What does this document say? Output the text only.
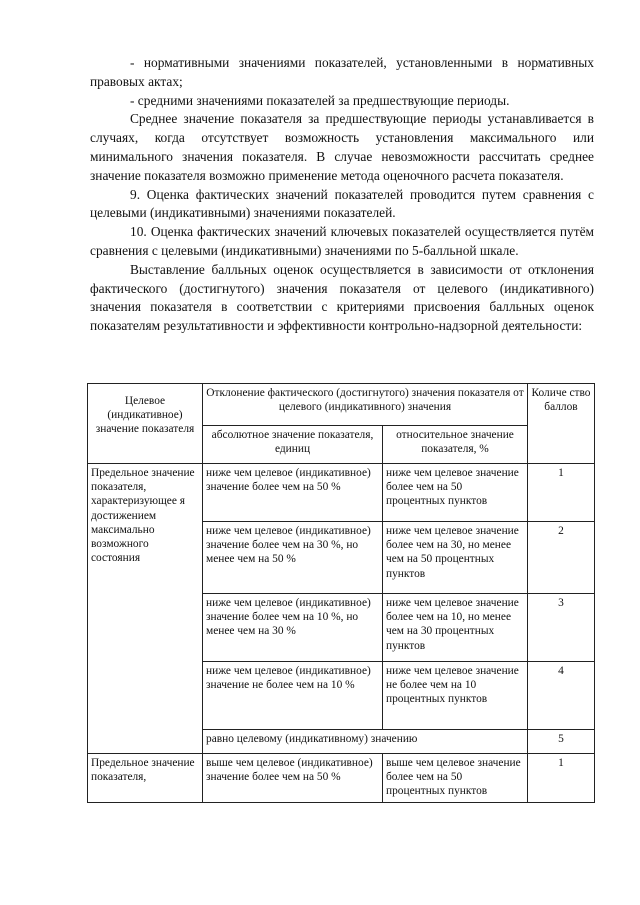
- нормативными значениями показателей, установленными в нормативных правовых актах;

- средними значениями показателей за предшествующие периоды.

Среднее значение показателя за предшествующие периоды устанавливается в случаях, когда отсутствует возможность установления максимального или минимального значения показателя. В случае невозможности рассчитать среднее значение показателя возможно применение метода оценочного расчета показателя.

9. Оценка фактических значений показателей проводится путем сравнения с целевыми (индикативными) значениями показателей.

10. Оценка фактических значений ключевых показателей осуществляется путём сравнения с целевыми (индикативными) значениями по 5-балльной шкале.

Выставление балльных оценок осуществляется в зависимости от отклонения фактического (достигнутого) значения показателя от целевого (индикативного) значения показателя в соответствии с критериями присвоения балльных оценок показателям результативности и эффективности контрольно-надзорной деятельности:

Целевое (индикативное) значение показателя	Отклонение фактического (достигнутого) значения показателя от целевого (индикативного) значения		Количе ство баллов
	абсолютное значение показателя, единиц	относительное значение показателя, %	
Предельное значение показателя, характеризующее я достижением максимально возможного состояния	ниже чем целевое (индикативное) значение более чем на 50 %	ниже чем целевое значение более чем на 50 процентных пунктов	1
	ниже чем целевое (индикативное) значение более чем на 30 %, но менее чем на 50 %	ниже чем целевое значение более чем на 30, но менее чем на 50 процентных пунктов	2
	ниже чем целевое (индикативное) значение более чем на 10 %, но менее чем на 30 %	ниже чем целевое значение более чем на 10, но менее чем на 30 процентных пунктов	3
	ниже чем целевое (индикативное) значение не более чем на 10 %	ниже чем целевое значение не более чем на 10 процентных пунктов	4
	равно целевому (индикативному) значению		5
Предельное значение показателя,	выше чем целевое (индикативное) значение более чем на 50 %	выше чем целевое значение более чем на 50 процентных пунктов	1
